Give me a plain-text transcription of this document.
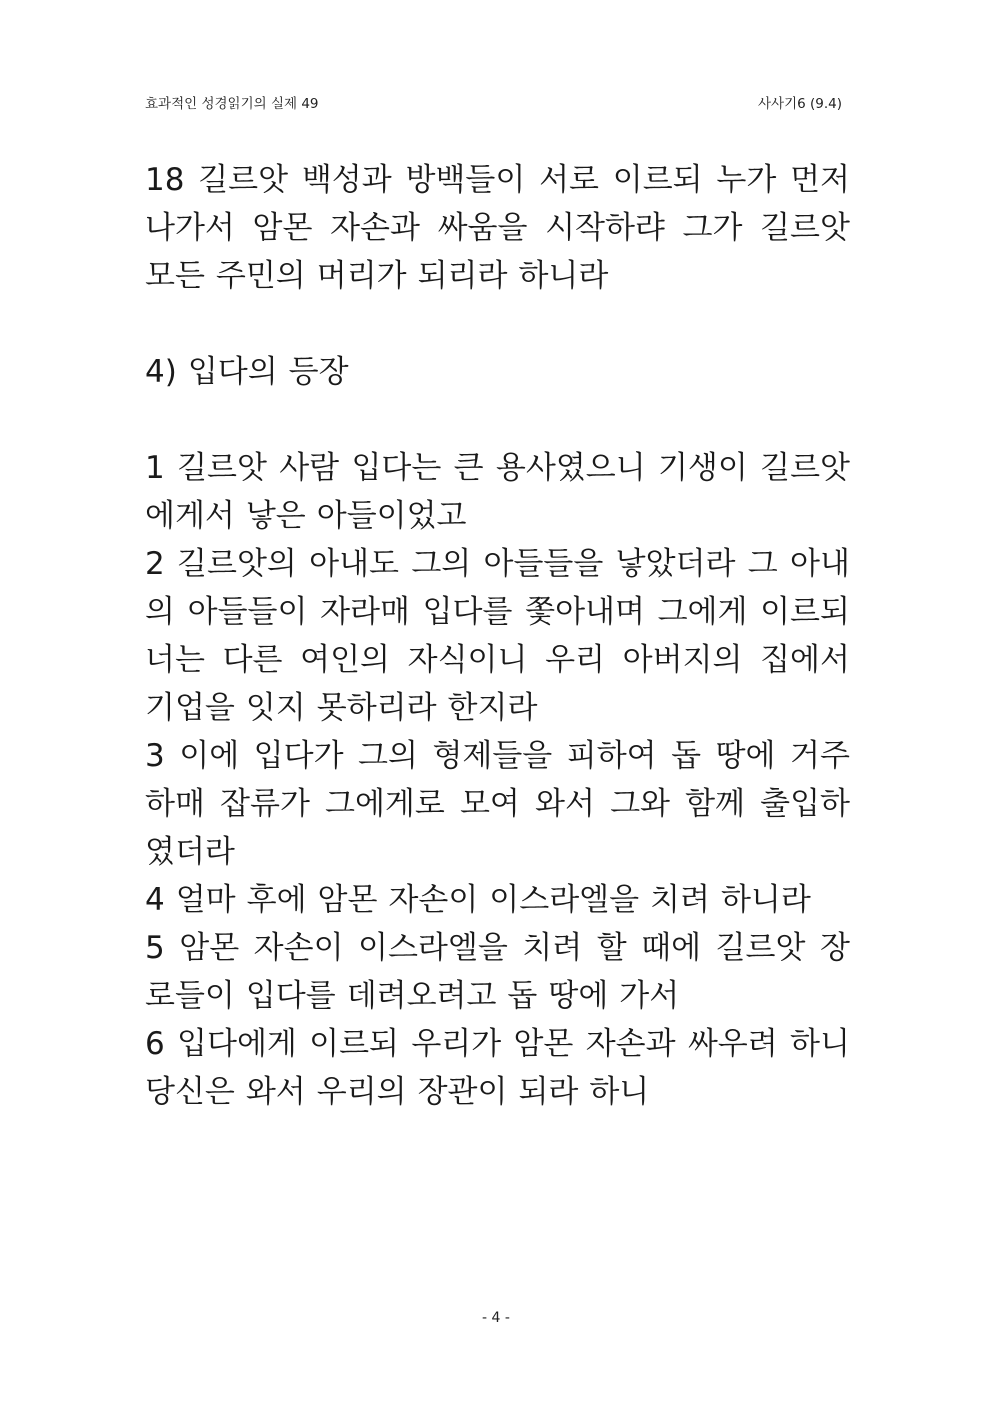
효과적인 성경읽기의 실제 49	사사기6 (9.4)
18 길르앗 백성과 방백들이 서로 이르되 누가 먼저
나가서 암몬 자손과 싸움을 시작하랴 그가 길르앗
모든 주민의 머리가 되리라 하니라
4) 입다의 등장
1 길르앗 사람 입다는 큰 용사였으니 기생이 길르앗
에게서 낳은 아들이었고
2 길르앗의 아내도 그의 아들들을 낳았더라 그 아내
의 아들들이 자라매 입다를 쫓아내며 그에게 이르되
너는 다른 여인의 자식이니 우리 아버지의 집에서
기업을 잇지 못하리라 한지라
3 이에 입다가 그의 형제들을 피하여 돕 땅에 거주
하매 잡류가 그에게로 모여 와서 그와 함께 출입하
였더라
4 얼마 후에 암몬 자손이 이스라엘을 치려 하니라
5 암몬 자손이 이스라엘을 치려 할 때에 길르앗 장
로들이 입다를 데려오려고 돕 땅에 가서
6 입다에게 이르되 우리가 암몬 자손과 싸우려 하니
당신은 와서 우리의 장관이 되라 하니
- 4 -
